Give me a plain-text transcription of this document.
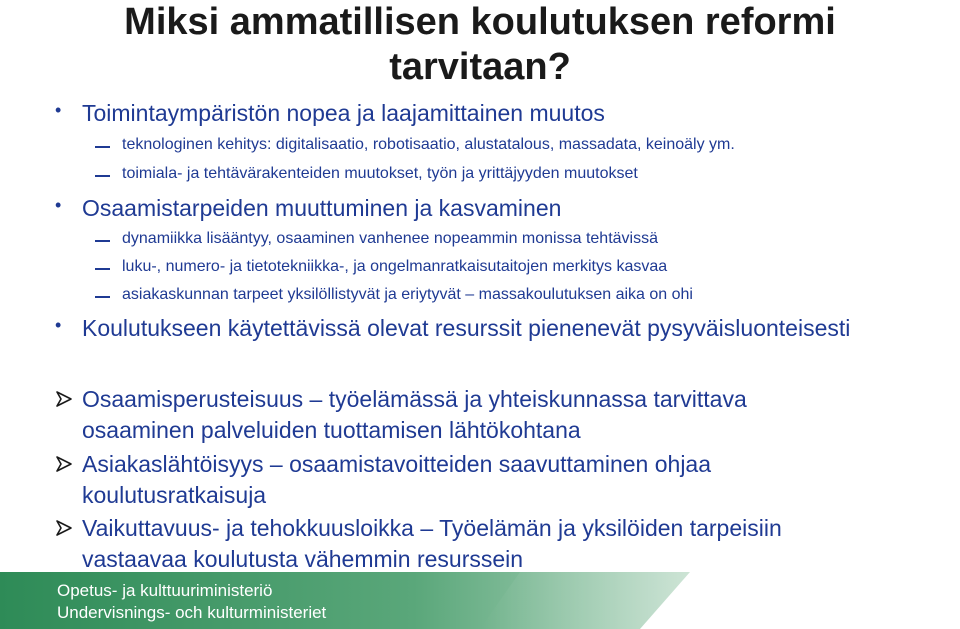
Miksi ammatillisen koulutuksen reformi
tarvitaan?
• Toimintaympäristön nopea ja laajamittainen muutos
teknologinen kehitys: digitalisaatio, robotisaatio, alustatalous, massadata, keinoäly ym.
toimiala- ja tehtävärakenteiden muutokset, työn ja yrittäjyyden muutokset
• Osaamistarpeiden muuttuminen ja kasvaminen
dynamiikka lisääntyy, osaaminen vanhenee nopeammin monissa tehtävissä
luku-, numero- ja tietotekniikka-, ja ongelmanratkaisutaitojen merkitys kasvaa
asiakaskunnan tarpeet yksilöllistyvät ja eriytyvät – massakoulutuksen aika on ohi
• Koulutukseen käytettävissä olevat resurssit pienenevät pysyväisluonteisesti
Osaamisperusteisuus – työelämässä ja yhteiskunnassa tarvittava
osaaminen palveluiden tuottamisen lähtökohtana
Asiakaslähtöisyys – osaamistavoitteiden saavuttaminen ohjaa
koulutusratkaisuja
Vaikuttavuus- ja tehokkuusloikka – Työelämän ja yksilöiden tarpeisiin
vastaavaa koulutusta vähemmin resurssein
Opetus- ja kulttuuriministeriö
Undervisnings- och kulturministeriet
